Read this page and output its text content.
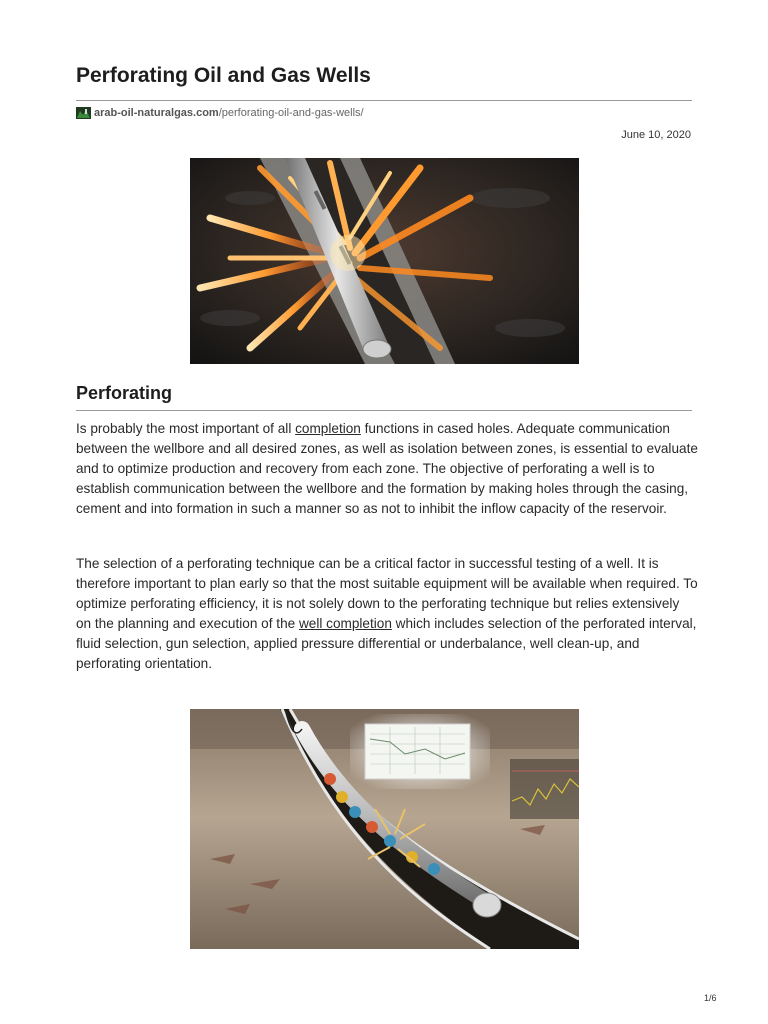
Perforating Oil and Gas Wells
arab-oil-naturalgas.com /perforating-oil-and-gas-wells/
June 10, 2020
Perforating

Is probably the most important of all completion functions in cased holes. Adequate communication between the wellbore and all desired zones, as well as isolation between zones, is essential to evaluate and to optimize production and recovery from each zone. The objective of perforating a well is to establish communication between the wellbore and the formation by making holes through the casing, cement and into formation in such a manner so as not to inhibit the inflow capacity of the reservoir.

The selection of a perforating technique can be a critical factor in successful testing of a well. It is therefore important to plan early so that the most suitable equipment will be available when required. To optimize perforating efficiency, it is not solely down to the perforating technique but relies extensively on the planning and execution of the well completion which includes selection of the perforated interval, fluid selection, gun selection, applied pressure differential or underbalance, well clean-up, and perforating orientation.

1/6
